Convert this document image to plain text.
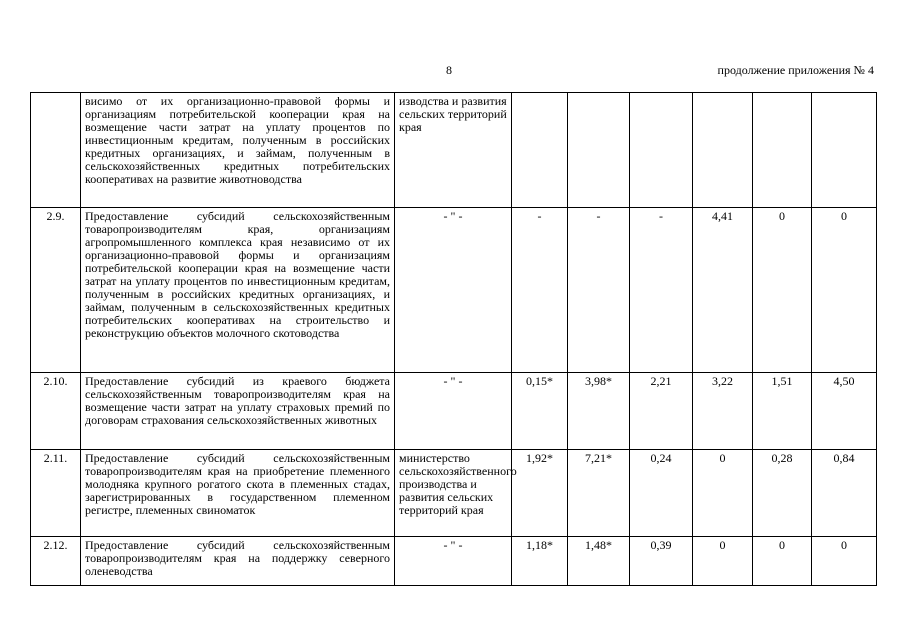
8	продолжение приложения № 4
	висимо от их организационно-правовой формы и организациям потребительской кооперации края на возмещение части затрат на уплату процентов по инвестиционным кредитам, полученным в российских кредитных организациях, и займам, полученным в сельскохозяйственных кредитных потребительских кооперативах на развитие животноводства	изводства и развития сельских территорий края						
2.9.	Предоставление субсидий сельскохозяйственным товаропроизводителям края, организациям агропромышленного комплекса края независимо от их организационно-правовой формы и организациям потребительской кооперации края на возмещение части затрат на уплату процентов по инвестиционным кредитам, полученным в российских кредитных организациях, и займам, полученным в сельскохозяйственных кредитных потребительских кооперативах на строительство и реконструкцию объектов молочного скотоводства	- " -	-	-	-	4,41	0	0
2.10.	Предоставление субсидий из краевого бюджета сельскохозяйственным товаропроизводителям края на возмещение части затрат на уплату страховых премий по договорам страхования сельскохозяйственных животных	- " -	0,15*	3,98*	2,21	3,22	1,51	4,50
2.11.	Предоставление субсидий сельскохозяйственным товаропроизводителям края на приобретение племенного молодняка крупного рогатого скота в племенных стадах, зарегистрированных в государственном племенном регистре, племенных свиноматок	министерство сельскохозяйственного производства и развития сельских территорий края	1,92*	7,21*	0,24	0	0,28	0,84
2.12.	Предоставление субсидий сельскохозяйственным товаропроизводителям края на поддержку северного оленеводства	- " -	1,18*	1,48*	0,39	0	0	0
